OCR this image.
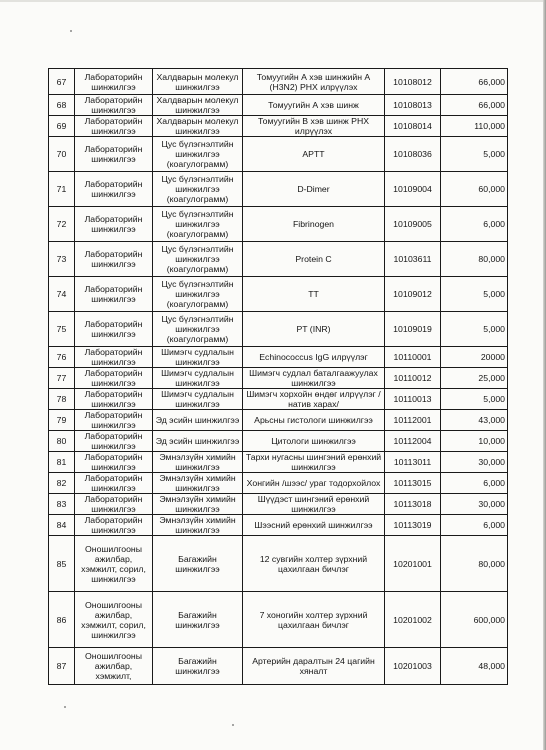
67	Лабораторийн шинжилгээ	Халдварын молекул шинжилгээ	Томуугийн А хэв шинжийн А (H3N2) РНХ илрүүлэх	10108012	66,000
68	Лабораторийн шинжилгээ	Халдварын молекул шинжилгээ	Томуугийн А хэв шинж	10108013	66,000
69	Лабораторийн шинжилгээ	Халдварын молекул шинжилгээ	Томуугийн В хэв шинж РНХ илрүүлэх	10108014	110,000
70	Лабораторийн шинжилгээ	Цус бүлэгнэлтийн шинжилгээ (коагулограмм)	APTT	10108036	5,000
71	Лабораторийн шинжилгээ	Цус бүлэгнэлтийн шинжилгээ (коагулограмм)	D-Dimer	10109004	60,000
72	Лабораторийн шинжилгээ	Цус бүлэгнэлтийн шинжилгээ (коагулограмм)	Fibrinogen	10109005	6,000
73	Лабораторийн шинжилгээ	Цус бүлэгнэлтийн шинжилгээ (коагулограмм)	Protein C	10103611	80,000
74	Лабораторийн шинжилгээ	Цус бүлэгнэлтийн шинжилгээ (коагулограмм)	TT	10109012	5,000
75	Лабораторийн шинжилгээ	Цус бүлэгнэлтийн шинжилгээ (коагулограмм)	PT (INR)	10109019	5,000
76	Лабораторийн шинжилгээ	Шимэгч судлалын шинжилгээ	Echinococcus IgG илрүүлэг	10110001	20000
77	Лабораторийн шинжилгээ	Шимэгч судлалын шинжилгээ	Шимэгч судлал баталгаажуулах шинжилгээ	10110012	25,000
78	Лабораторийн шинжилгээ	Шимэгч судлалын шинжилгээ	Шимэгч хорхойн өндөг илрүүлэг /натив харах/	10110013	5,000
79	Лабораторийн шинжилгээ	Эд эсийн шинжилгээ	Арьсны гистологи шинжилгээ	10112001	43,000
80	Лабораторийн шинжилгээ	Эд эсийн шинжилгээ	Цитологи шинжилгээ	10112004	10,000
81	Лабораторийн шинжилгээ	Эмнэлзүйн химийн шинжилгээ	Тархи нугасны шингэний ерөнхий шинжилгээ	10113011	30,000
82	Лабораторийн шинжилгээ	Эмнэлзүйн химийн шинжилгээ	Хонгийн /шээс/ ураг тодорхойлох	10113015	6,000
83	Лабораторийн шинжилгээ	Эмнэлзүйн химийн шинжилгээ	Шүүдэст шингэний ерөнхий шинжилгээ	10113018	30,000
84	Лабораторийн шинжилгээ	Эмнэлзүйн химийн шинжилгээ	Шээсний ерөнхий шинжилгээ	10113019	6,000
85	Оношилгооны ажилбар, хэмжилт, сорил, шинжилгээ	Багажийн шинжилгээ	12 сувгийн холтер зүрхний цахилгаан бичлэг	10201001	80,000
86	Оношилгооны ажилбар, хэмжилт, сорил, шинжилгээ	Багажийн шинжилгээ	7 хоногийн холтер зүрхний цахилгаан бичлэг	10201002	600,000
87	Оношилгооны ажилбар, хэмжилт,	Багажийн шинжилгээ	Артерийн даралтын 24 цагийн хяналт	10201003	48,000
